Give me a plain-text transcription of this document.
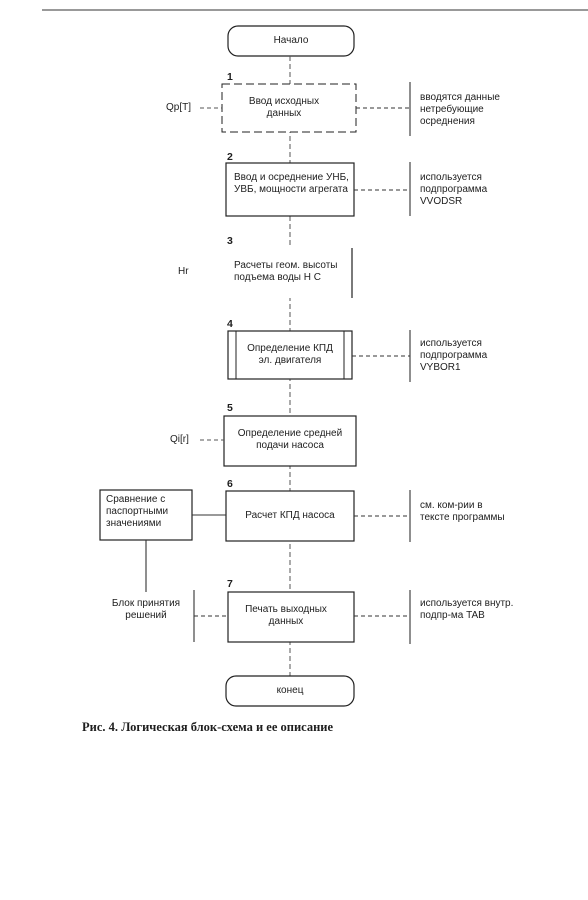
Начало
конец
1
2
3
4
5
6
7
Ввод исходных данных
Ввод и осреднение УНБ, УВБ, мощности агрегата
Расчеты геом. высоты подъема воды Н С
Определение КПД эл. двигателя
Определение средней подачи насоса
Расчет КПД насоса
Печать выходных данных
Qp[T]
Hr
Qi[r]
вводятся данные нетребующие осреднения
используется подпрограмма VVODSR
используется подпрограмма VYBOR1
см. ком-рии в тексте программы
используется внутр. подпр-ма TAB
Сравнение с паспортными значениями
Блок принятия решений
Рис. 4. Логическая блок-схема и ее описание
